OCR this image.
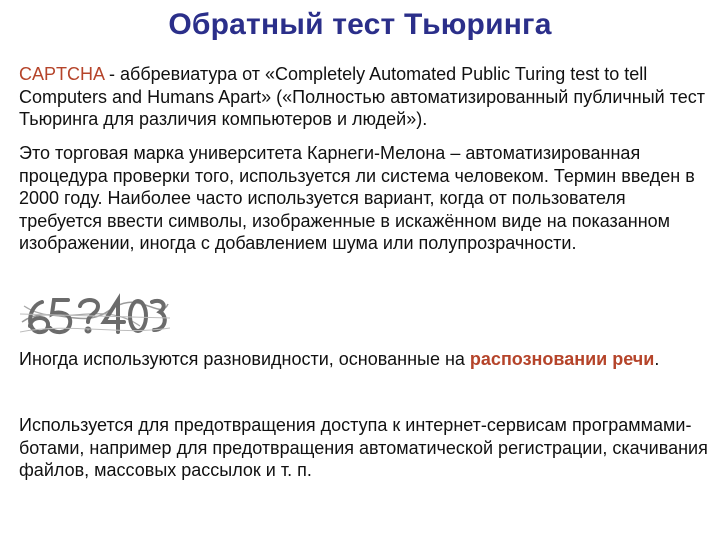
Обратный тест Тьюринга

CAPTCHA - аббревиатура от «Completely Automated Public Turing test to tell Computers and Humans Apart» («Полностью автоматизированный публичный тест Тьюринга для различия компьютеров и людей»).

Это торговая марка университета Карнеги-Мелона – автоматизированная процедура проверки того, используется ли система человеком. Термин введен в 2000 году. Наиболее часто используется вариант, когда от пользователя требуется ввести символы, изображенные в искажённом виде на показанном изображении, иногда с добавлением шума или полупрозрачности.

Иногда используются разновидности, основанные на распозновании речи.

Используется для предотвращения доступа к интернет-сервисам программами-ботами, например для предотвращения автоматической регистрации, скачивания файлов, массовых рассылок и т. п.
